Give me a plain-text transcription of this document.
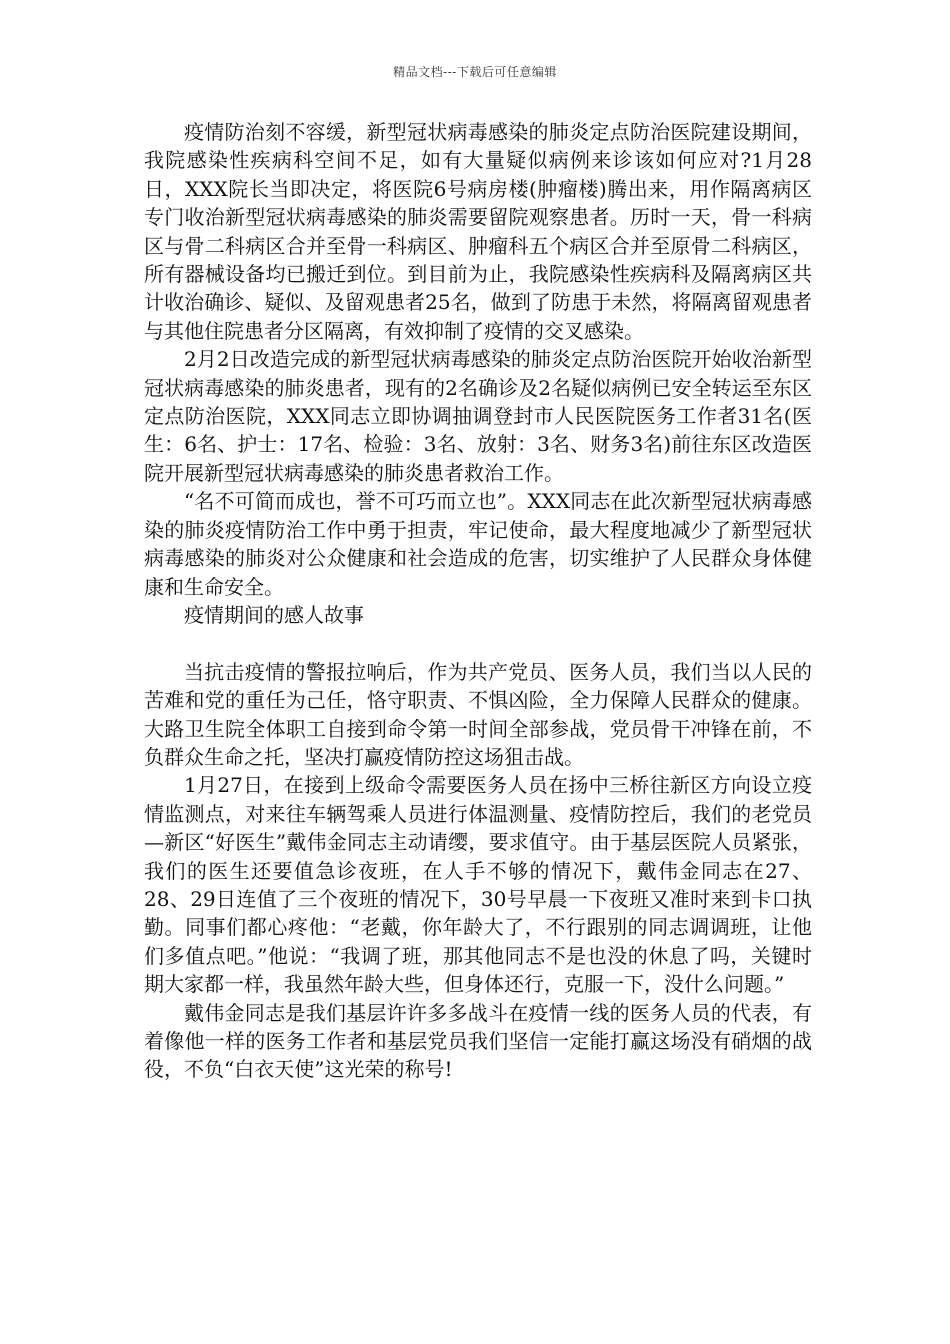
精品文档---下载后可任意编辑

疫情防治刻不容缓，新型冠状病毒感染的肺炎定点防治医院建设期间，我院感染性疾病科空间不足，如有大量疑似病例来诊该如何应对?1月28日，XXX院长当即决定，将医院6号病房楼(肿瘤楼)腾出来，用作隔离病区专门收治新型冠状病毒感染的肺炎需要留院观察患者。历时一天，骨一科病区与骨二科病区合并至骨一科病区、肿瘤科五个病区合并至原骨二科病区，所有器械设备均已搬迁到位。到目前为止，我院感染性疾病科及隔离病区共计收治确诊、疑似、及留观患者25名，做到了防患于未然，将隔离留观患者与其他住院患者分区隔离，有效抑制了疫情的交叉感染。

2月2日改造完成的新型冠状病毒感染的肺炎定点防治医院开始收治新型冠状病毒感染的肺炎患者，现有的2名确诊及2名疑似病例已安全转运至东区定点防治医院，XXX同志立即协调抽调登封市人民医院医务工作者31名(医生：6名、护士：17名、检验：3名、放射：3名、财务3名)前往东区改造医院开展新型冠状病毒感染的肺炎患者救治工作。

“名不可简而成也，誉不可巧而立也”。XXX同志在此次新型冠状病毒感染的肺炎疫情防治工作中勇于担责，牢记使命，最大程度地减少了新型冠状病毒感染的肺炎对公众健康和社会造成的危害，切实维护了人民群众身体健康和生命安全。

疫情期间的感人故事

当抗击疫情的警报拉响后，作为共产党员、医务人员，我们当以人民的苦难和党的重任为己任，恪守职责、不惧凶险，全力保障人民群众的健康。大路卫生院全体职工自接到命令第一时间全部参战，党员骨干冲锋在前，不负群众生命之托，坚决打赢疫情防控这场狙击战。

1月27日，在接到上级命令需要医务人员在扬中三桥往新区方向设立疫情监测点，对来往车辆驾乘人员进行体温测量、疫情防控后，我们的老党员—新区“好医生”戴伟金同志主动请缨，要求值守。由于基层医院人员紧张，我们的医生还要值急诊夜班，在人手不够的情况下，戴伟金同志在27、28、29日连值了三个夜班的情况下，30号早晨一下夜班又准时来到卡口执勤。同事们都心疼他：“老戴，你年龄大了，不行跟别的同志调调班，让他们多值点吧。”他说：“我调了班，那其他同志不是也没的休息了吗，关键时期大家都一样，我虽然年龄大些，但身体还行，克服一下，没什么问题。”

戴伟金同志是我们基层许许多多战斗在疫情一线的医务人员的代表，有着像他一样的医务工作者和基层党员我们坚信一定能打赢这场没有硝烟的战役，不负“白衣天使”这光荣的称号!
